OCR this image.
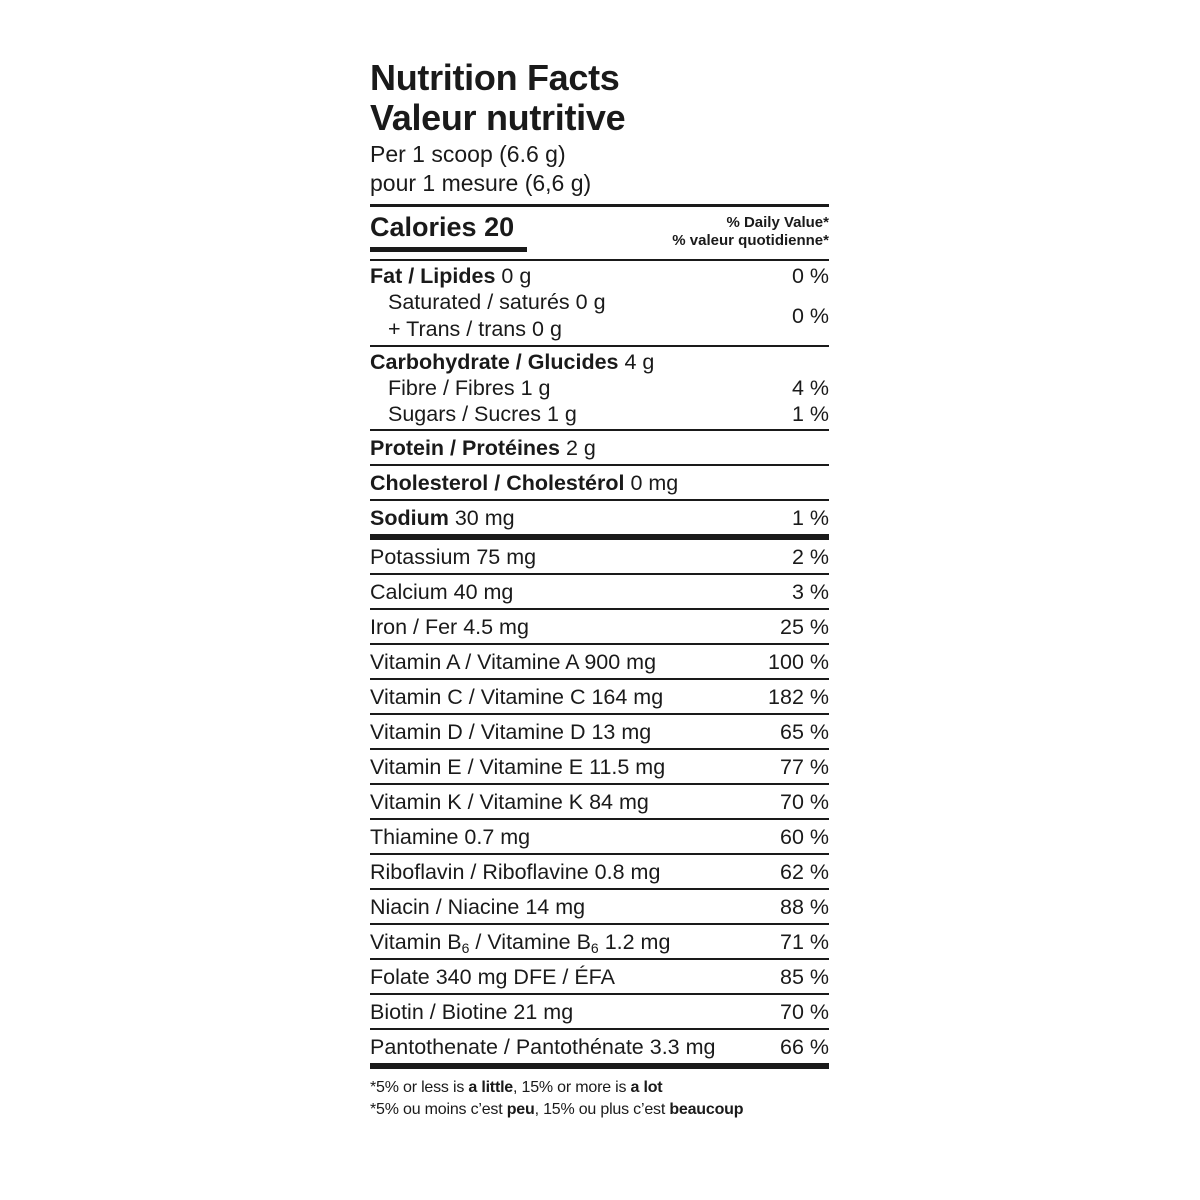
Nutrition Facts
Valeur nutritive
Per 1 scoop (6.6 g)
pour 1 mesure (6,6 g)
Calories 20	% Daily Value*
% valeur quotidienne*
Fat / Lipides 0 g	0 %
Saturated / saturés 0 g
+ Trans / trans 0 g
0 %
Carbohydrate / Glucides 4 g
Fibre / Fibres 1 g	4 %
Sugars / Sucres 1 g	1 %
Protein / Protéines 2 g
Cholesterol / Cholestérol 0 mg
Sodium 30 mg	1 %
Potassium 75 mg	2 %
Calcium 40 mg	3 %
Iron / Fer 4.5 mg	25 %
Vitamin A / Vitamine A 900 mg	100 %
Vitamin C / Vitamine C 164 mg	182 %
Vitamin D / Vitamine D 13 mg	65 %
Vitamin E / Vitamine E 11.5 mg	77 %
Vitamin K / Vitamine K 84 mg	70 %
Thiamine 0.7 mg	60 %
Riboflavin / Riboflavine 0.8 mg	62 %
Niacin / Niacine 14 mg	88 %
Vitamin $B_6$ / Vitamine $B_6$ 1.2 mg	71 %
Folate 340 mg DFE / ÉFA	85 %
Biotin / Biotine 21 mg	70 %
Pantothenate / Pantothénate 3.3 mg	66 %
*5% or less is a little, 15% or more is a lot
*5% ou moins c’est peu, 15% ou plus c’est beaucoup
